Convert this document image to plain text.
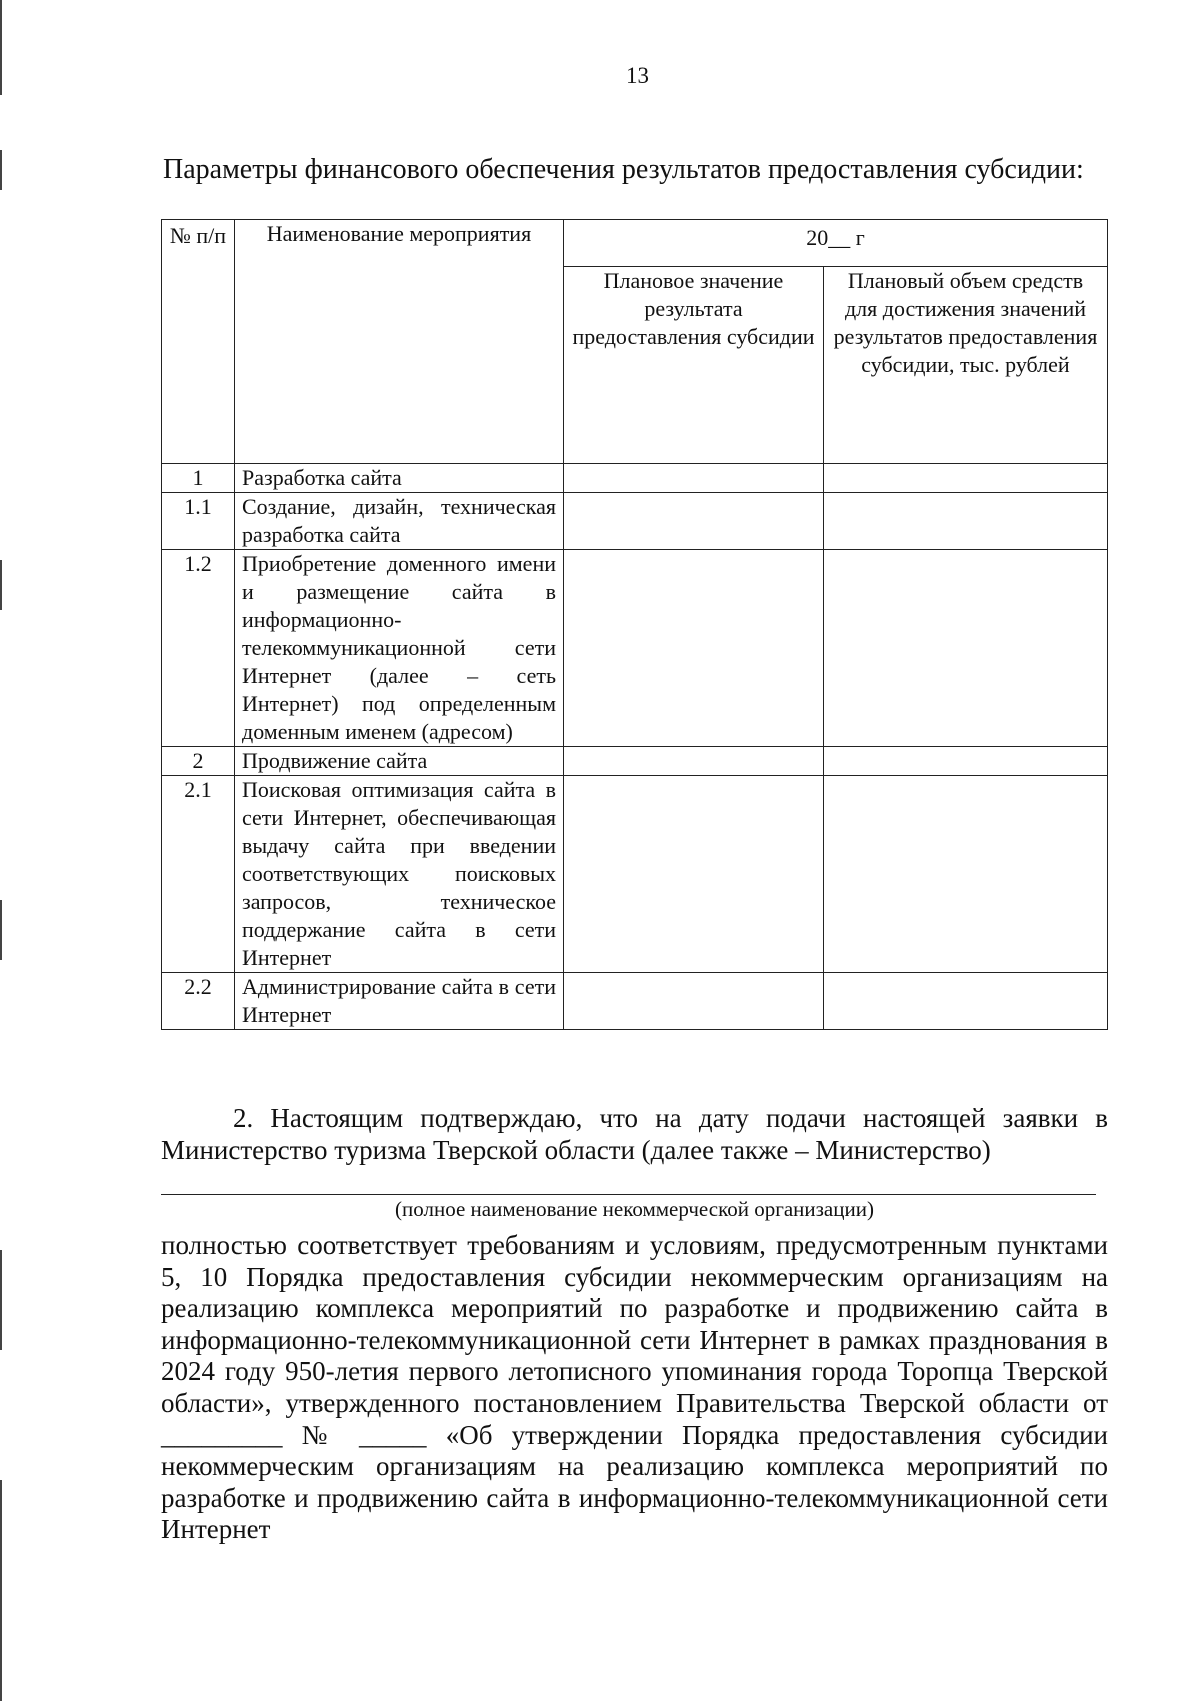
13
Параметры финансового обеспечения результатов предоставления субсидии:
№ п/п	Наименование мероприятия	20__ г	
		Плановое значение результата предоставления субсидии	Плановый объем средств для достижения значений результатов предоставления субсидии, тыс. рублей
1	Разработка сайта		
1.1	Создание, дизайн, техническая разработка сайта		
1.2	Приобретение доменного имени и размещение сайта в информационно-телекоммуникационной сети Интернет (далее – сеть Интернет) под определенным доменным именем (адресом)		
2	Продвижение сайта		
2.1	Поисковая оптимизация сайта в сети Интернет, обеспечивающая выдачу сайта при введении соответствующих поисковых запросов, техническое поддержание сайта в сети Интернет		
2.2	Администрирование сайта в сети Интернет		
2. Настоящим подтверждаю, что на дату подачи настоящей заявки в Министерство туризма Тверской области (далее также – Министерство)
(полное наименование некоммерческой организации)
полностью соответствует требованиям и условиям, предусмотренным пунктами 5, 10 Порядка предоставления субсидии некоммерческим организациям на реализацию комплекса мероприятий по разработке и продвижению сайта в информационно-телекоммуникационной сети Интернет в рамках празднования в 2024 году 950-летия первого летописного упоминания города Торопца Тверской области», утвержденного постановлением Правительства Тверской области от _________ № _____ «Об утверждении Порядка предоставления субсидии некоммерческим организациям на реализацию комплекса мероприятий по разработке и продвижению сайта в информационно-телекоммуникационной сети Интернет
